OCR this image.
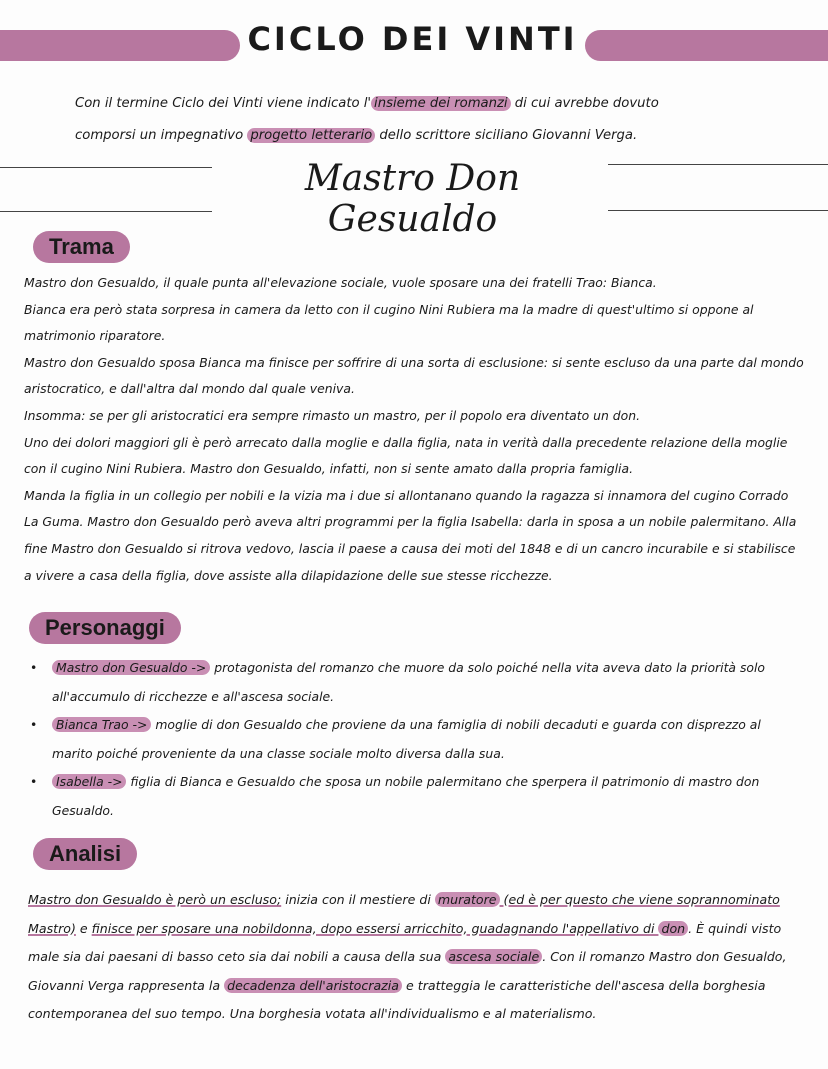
CICLO DEI VINTI
Con il termine Ciclo dei Vinti viene indicato l' insieme dei romanzi di cui avrebbe dovuto
comporsi un impegnativo progetto letterario dello scrittore siciliano Giovanni Verga.
Mastro Don Gesualdo
Trama

Mastro don Gesualdo, il quale punta all'elevazione sociale, vuole sposare una dei fratelli Trao: Bianca.

Bianca era però stata sorpresa in camera da letto con il cugino Nini Rubiera ma la madre di quest'ultimo si oppone al matrimonio riparatore.

Mastro don Gesualdo sposa Bianca ma finisce per soffrire di una sorta di esclusione: si sente escluso da una parte dal mondo aristocratico, e dall'altra dal mondo dal quale veniva.

Insomma: se per gli aristocratici era sempre rimasto un mastro, per il popolo era diventato un don.

Uno dei dolori maggiori gli è però arrecato dalla moglie e dalla figlia, nata in verità dalla precedente relazione della moglie con il cugino Nini Rubiera. Mastro don Gesualdo, infatti, non si sente amato dalla propria famiglia.

Manda la figlia in un collegio per nobili e la vizia ma i due si allontanano quando la ragazza si innamora del cugino Corrado La Guma. Mastro don Gesualdo però aveva altri programmi per la figlia Isabella: darla in sposa a un nobile palermitano. Alla fine Mastro don Gesualdo si ritrova vedovo, lascia il paese a causa dei moti del 1848 e di un cancro incurabile e si stabilisce a vivere a casa della figlia, dove assiste alla dilapidazione delle sue stesse ricchezze.

Personaggi
• Mastro don Gesualdo -> protagonista del romanzo che muore da solo poiché nella vita aveva dato la priorità solo all'accumulo di ricchezze e all'ascesa sociale.
• Bianca Trao -> moglie di don Gesualdo che proviene da una famiglia di nobili decaduti e guarda con disprezzo al marito poiché proveniente da una classe sociale molto diversa dalla sua.
• Isabella -> figlia di Bianca e Gesualdo che sposa un nobile palermitano che sperpera il patrimonio di mastro don Gesualdo.
Analisi
Mastro don Gesualdo è però un escluso; inizia con il mestiere di muratore (ed è per questo che viene soprannominato Mastro) e finisce per sposare una nobildonna, dopo essersi arricchito, guadagnando l'appellativo di don . È quindi visto male sia dai paesani di basso ceto sia dai nobili a causa della sua ascesa sociale . Con il romanzo Mastro don Gesualdo, Giovanni Verga rappresenta la decadenza dell'aristocrazia e tratteggia le caratteristiche dell'ascesa della borghesia contemporanea del suo tempo. Una borghesia votata all'individualismo e al materialismo.
